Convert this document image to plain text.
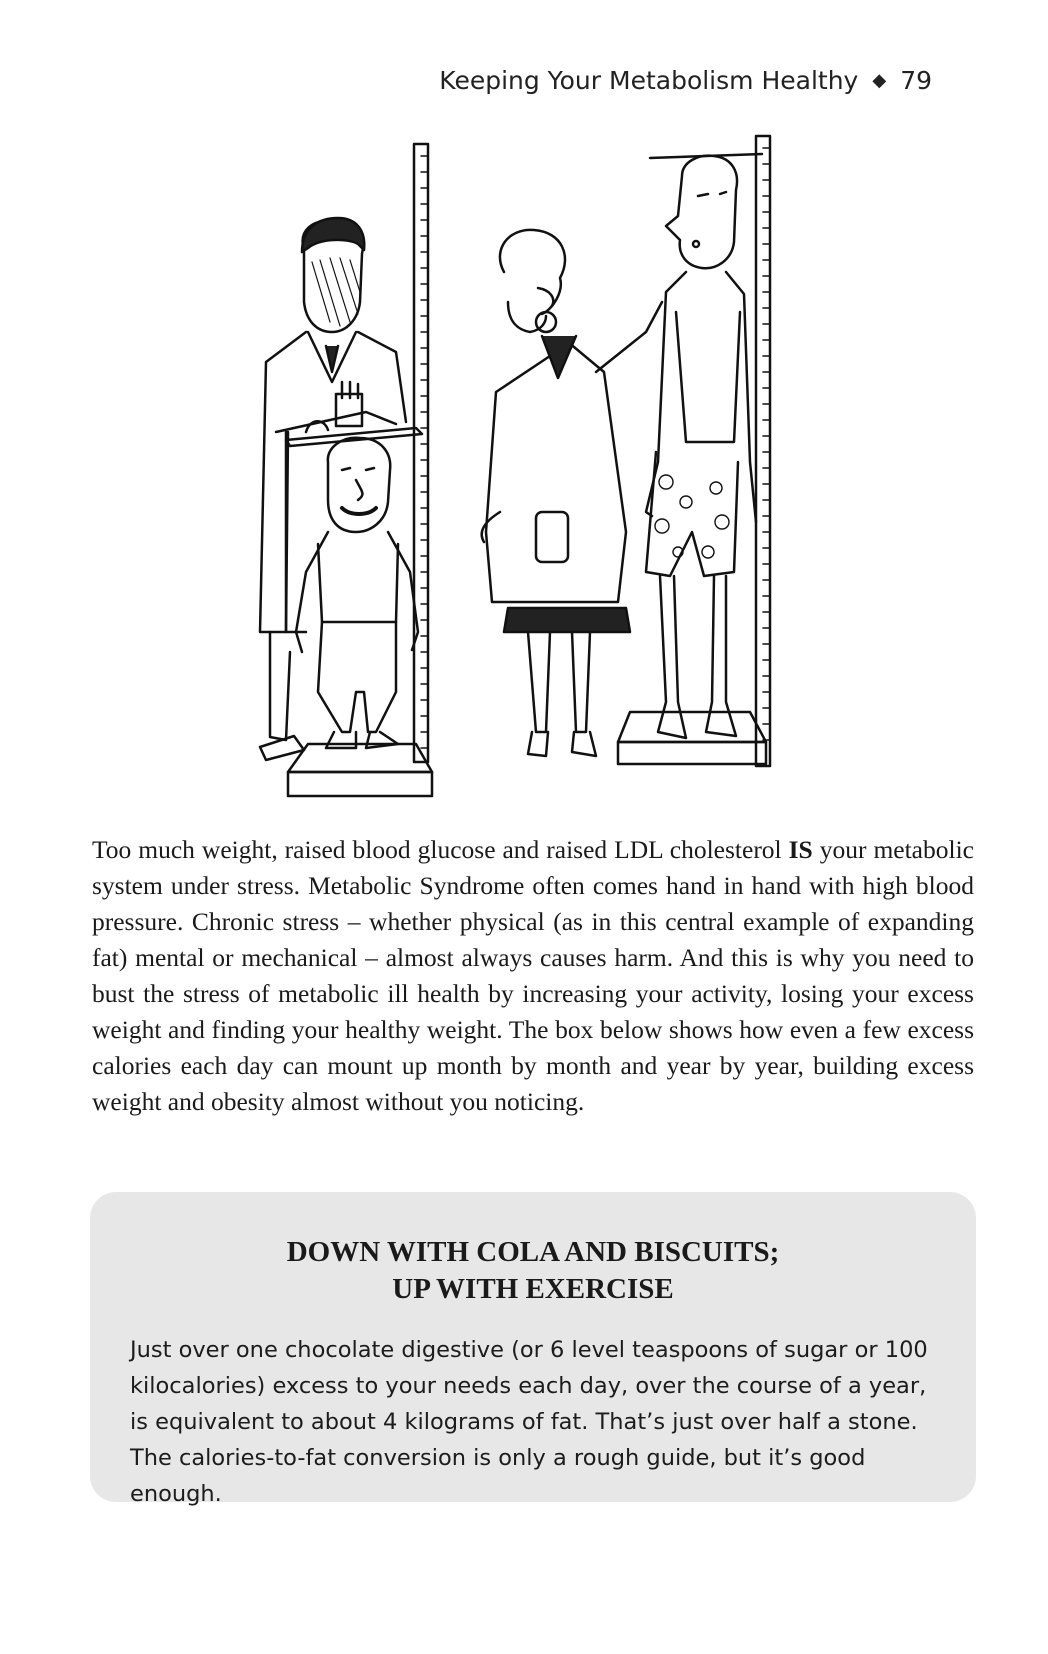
Keeping Your Metabolism Healthy ◆ 79

Too much weight, raised blood glucose and raised LDL cholesterol IS your metabolic system under stress. Metabolic Syndrome often comes hand in hand with high blood pressure. Chronic stress – whether physical (as in this central example of expanding fat) mental or mechanical – almost always causes harm. And this is why you need to bust the stress of metabolic ill health by increasing your activity, losing your excess weight and finding your healthy weight. The box below shows how even a few excess calories each day can mount up month by month and year by year, building excess weight and obesity almost without you noticing.

DOWN WITH COLA AND BISCUITS;
UP WITH EXERCISE

Just over one chocolate digestive (or 6 level teaspoons of sugar or 100 kilocalories) excess to your needs each day, over the course of a year, is equivalent to about 4 kilograms of fat. That’s just over half a stone. The calories-to-fat conversion is only a rough guide, but it’s good enough.
